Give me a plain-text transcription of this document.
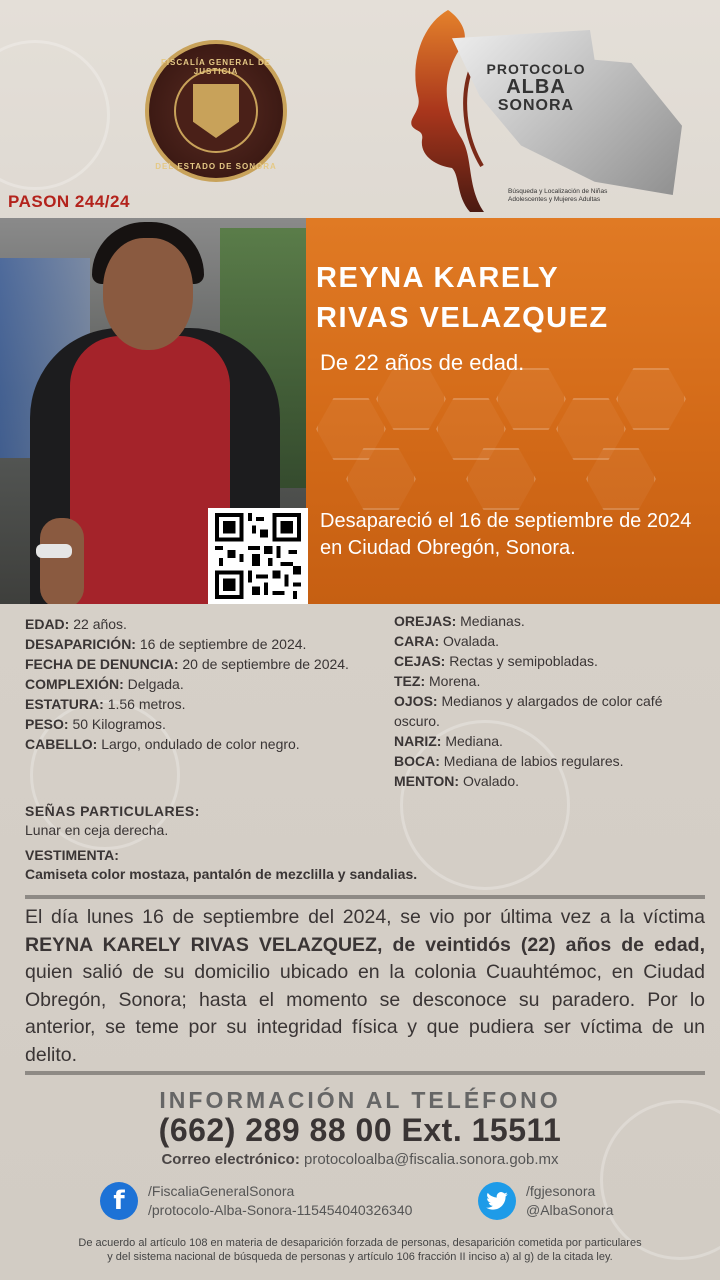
FISCALÍA GENERAL DE JUSTICIA
DEL ESTADO DE SONORA
PASON 244/24
PROTOCOLO
ALBA
SONORA
Búsqueda y Localización de Niñas
Adolescentes y Mujeres Adultas
REYNA KARELY
RIVAS VELAZQUEZ
De 22 años de edad.
Desapareció el 16 de septiembre de 2024 en Ciudad Obregón, Sonora.
EDAD: 22 años.
DESAPARICIÓN: 16 de septiembre de 2024.
FECHA DE DENUNCIA: 20 de septiembre de 2024.
COMPLEXIÓN: Delgada.
ESTATURA: 1.56 metros.
PESO: 50 Kilogramos.
CABELLO: Largo, ondulado de color negro.
OREJAS: Medianas.
CARA: Ovalada.
CEJAS: Rectas y semipobladas.
TEZ: Morena.
OJOS: Medianos y alargados de color café oscuro.
NARIZ: Mediana.
BOCA: Mediana de labios regulares.
MENTON: Ovalado.
SEÑAS PARTICULARES:
Lunar en ceja derecha.
VESTIMENTA:
Camiseta color mostaza, pantalón de mezclilla y sandalias.
El día lunes 16 de septiembre del 2024, se vio por última vez a la víctima REYNA KARELY RIVAS VELAZQUEZ, de veintidós (22) años de edad, quien salió de su domicilio ubicado en la colonia Cuauhtémoc, en Ciudad Obregón, Sonora; hasta el momento se desconoce su paradero. Por lo anterior, se teme por su integridad física y que pudiera ser víctima de un delito.
INFORMACIÓN AL TELÉFONO
(662) 289 88 00 Ext. 15511
Correo electrónico: protocoloalba@fiscalia.sonora.gob.mx
f	/FiscaliaGeneralSonora
/protocolo-Alba-Sonora-115454040326340
/fgjesonora
@AlbaSonora
De acuerdo al artículo 108 en materia de desaparición forzada de personas, desaparición cometida por particulares
y del sistema nacional de búsqueda de personas y artículo 106 fracción II inciso a) al g) de la citada ley.
